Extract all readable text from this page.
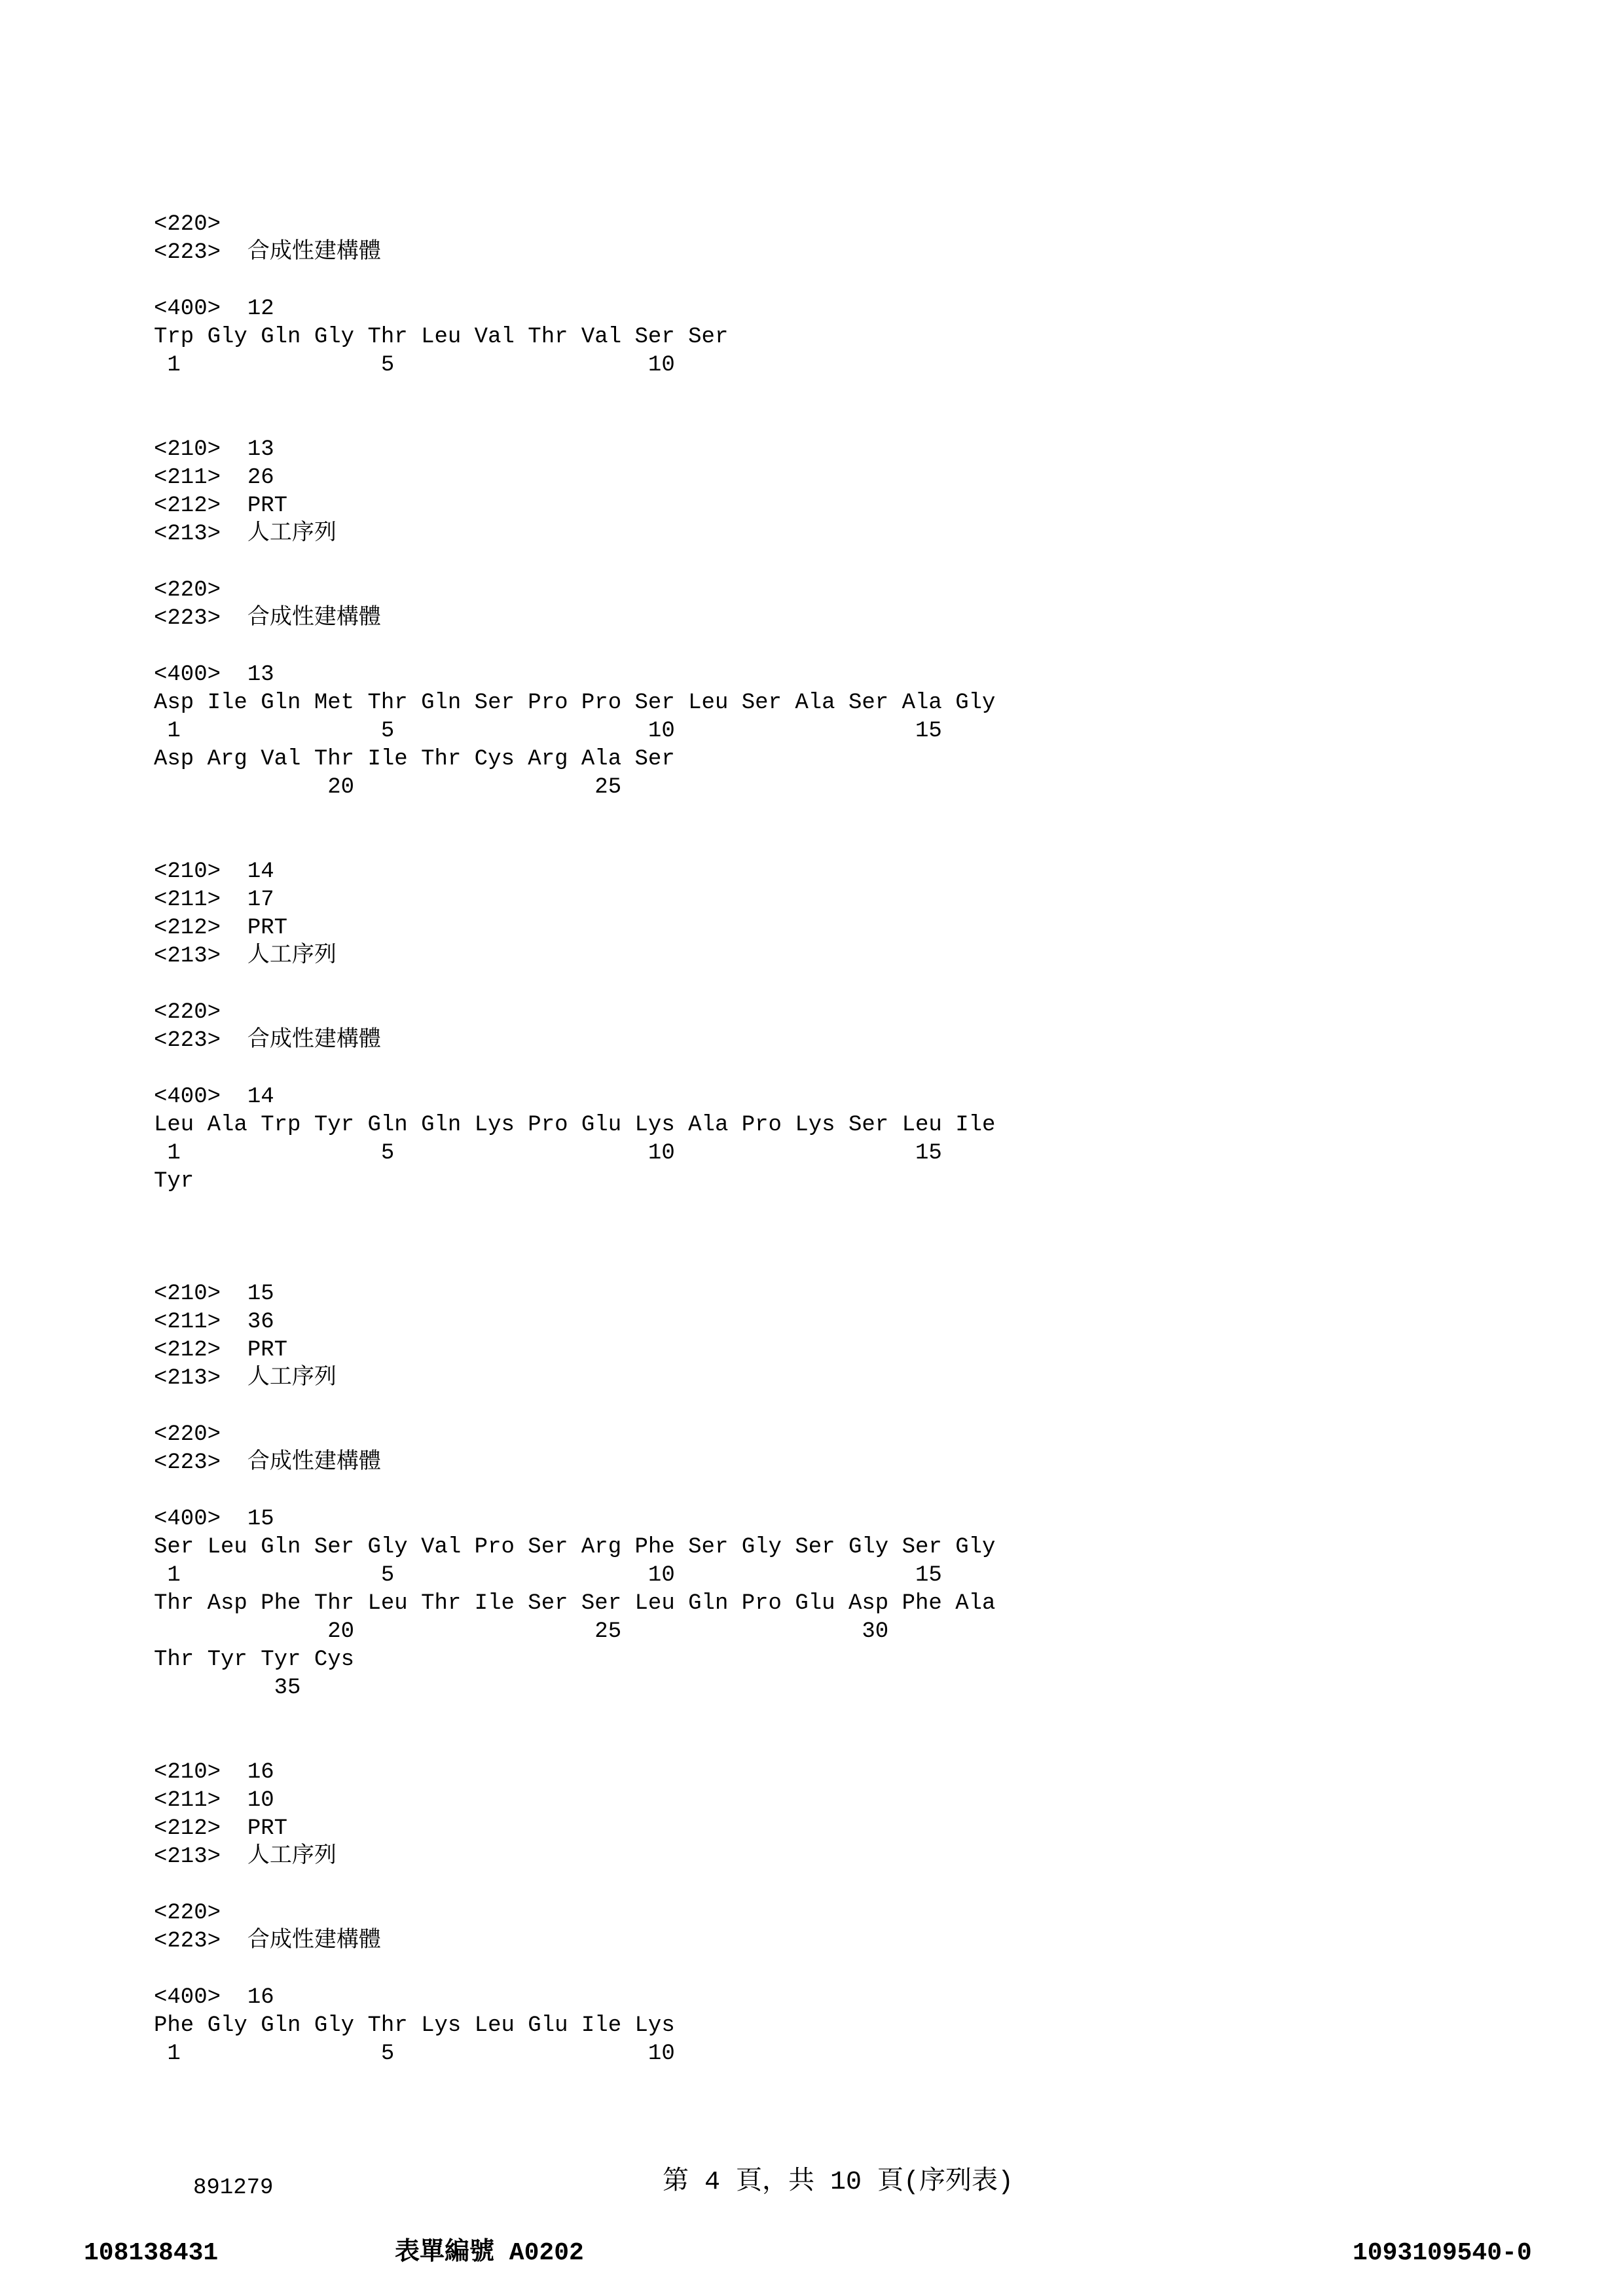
<220>
<223>  合成性建構體
<400>  12
Trp Gly Gln Gly Thr Leu Val Thr Val Ser Ser
1               5                   10
<210>  13
<211>  26
<212>  PRT
<213>  人工序列
<220>
<223>  合成性建構體
<400>  13
Asp Ile Gln Met Thr Gln Ser Pro Pro Ser Leu Ser Ala Ser Ala Gly
1               5                   10                  15
Asp Arg Val Thr Ile Thr Cys Arg Ala Ser
20                  25
<210>  14
<211>  17
<212>  PRT
<213>  人工序列
<220>
<223>  合成性建構體
<400>  14
Leu Ala Trp Tyr Gln Gln Lys Pro Glu Lys Ala Pro Lys Ser Leu Ile
1               5                   10                  15
Tyr
<210>  15
<211>  36
<212>  PRT
<213>  人工序列
<220>
<223>  合成性建構體
<400>  15
Ser Leu Gln Ser Gly Val Pro Ser Arg Phe Ser Gly Ser Gly Ser Gly
1               5                   10                  15
Thr Asp Phe Thr Leu Thr Ile Ser Ser Leu Gln Pro Glu Asp Phe Ala
20                  25                  30
Thr Tyr Tyr Cys
35
<210>  16
<211>  10
<212>  PRT
<213>  人工序列
<220>
<223>  合成性建構體
<400>  16
Phe Gly Gln Gly Thr Lys Leu Glu Ile Lys
1               5                   10
891279	第 4 頁，共 10 頁(序列表)
108138431	表單編號 A0202	1093109540-0
